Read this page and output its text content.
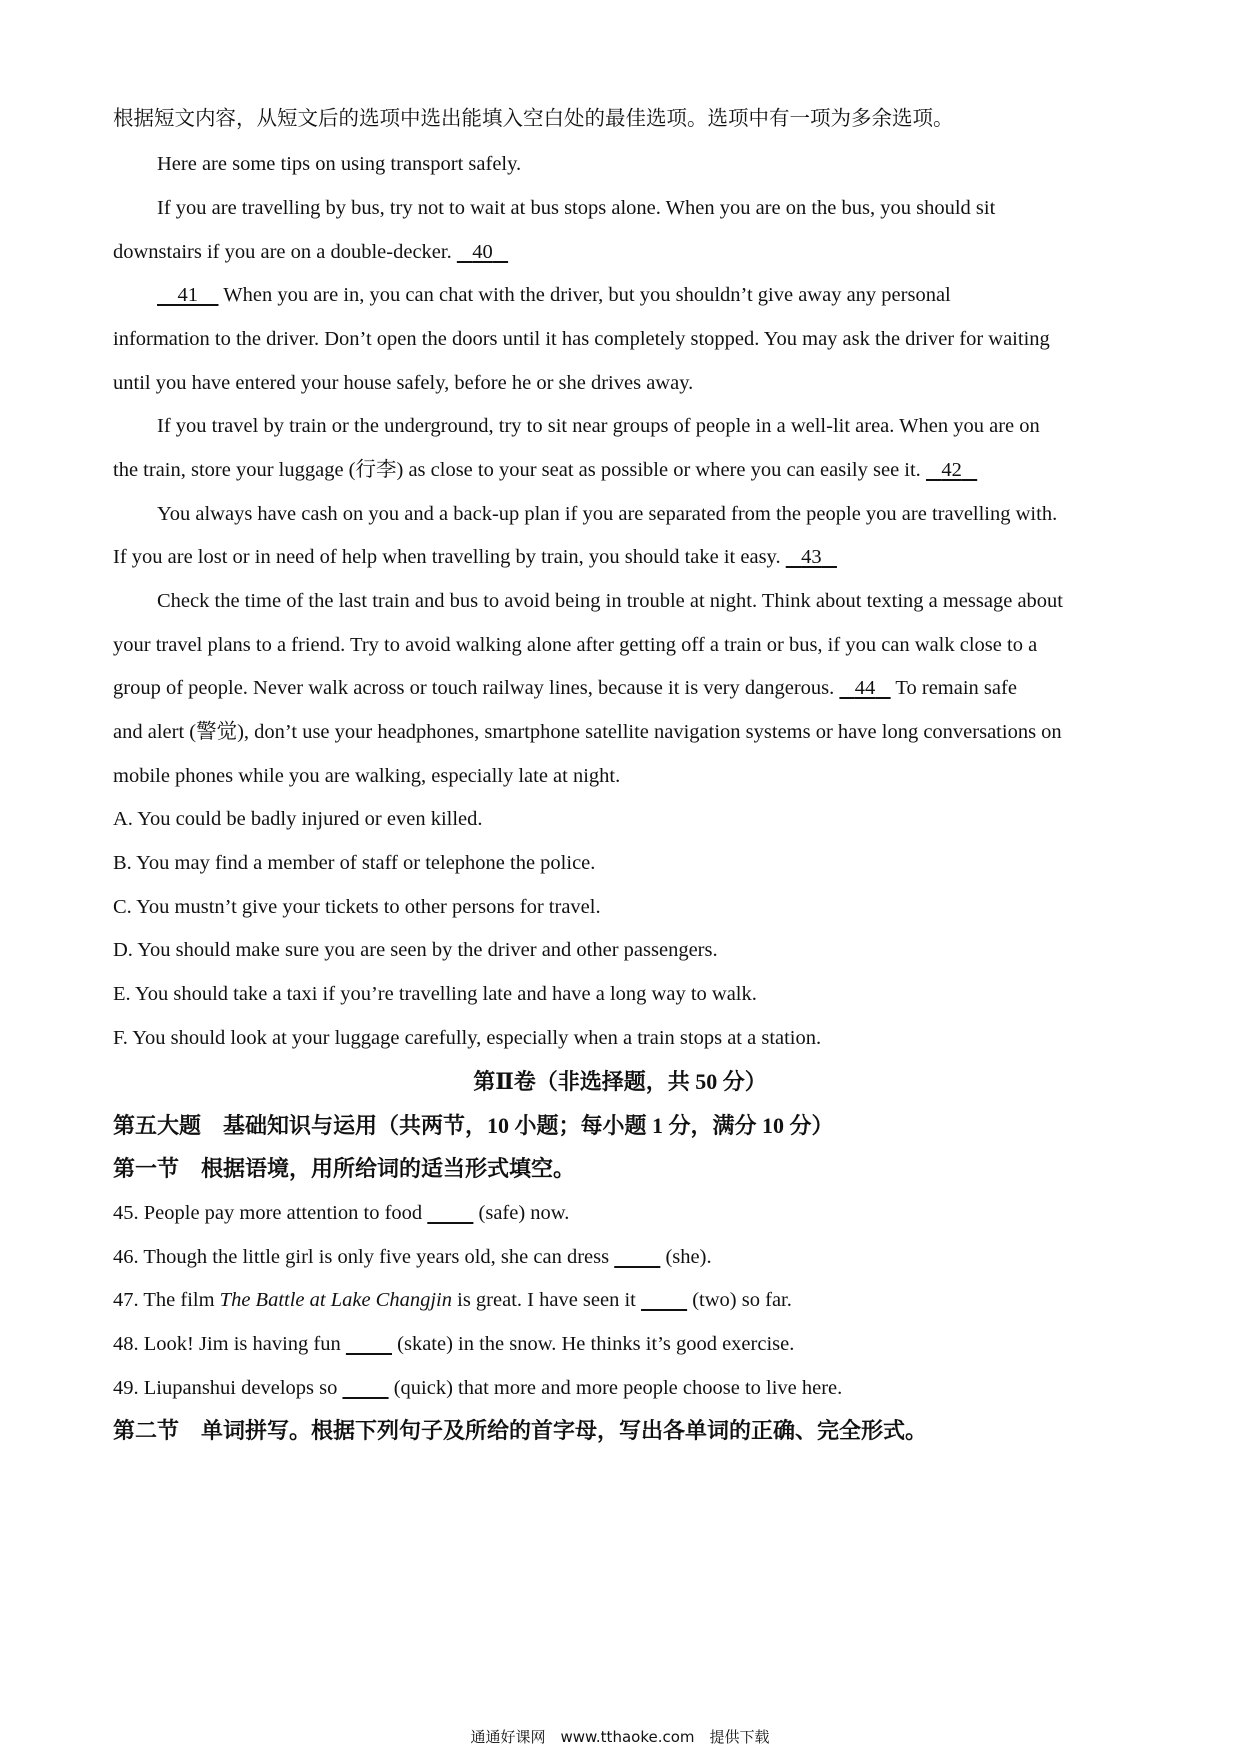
根据短文内容，从短文后的选项中选出能填入空白处的最佳选项。选项中有一项为多余选项。
Here are some tips on using transport safely.
If you are travelling by bus, try not to wait at bus stops alone. When you are on the bus, you should sit
downstairs if you are on a double-decker. 40
41 When you are in, you can chat with the driver, but you shouldn’t give away any personal
information to the driver. Don’t open the doors until it has completely stopped. You may ask the driver for waiting
until you have entered your house safely, before he or she drives away.
If you travel by train or the underground, try to sit near groups of people in a well-lit area. When you are on
the train, store your luggage (行李) as close to your seat as possible or where you can easily see it. 42
You always have cash on you and a back-up plan if you are separated from the people you are travelling with.
If you are lost or in need of help when travelling by train, you should take it easy. 43
Check the time of the last train and bus to avoid being in trouble at night. Think about texting a message about
your travel plans to a friend. Try to avoid walking alone after getting off a train or bus, if you can walk close to a
group of people. Never walk across or touch railway lines, because it is very dangerous. 44 To remain safe
and alert (警觉), don’t use your headphones, smartphone satellite navigation systems or have long conversations on
mobile phones while you are walking, especially late at night.
A. You could be badly injured or even killed.
B. You may find a member of staff or telephone the police.
C. You mustn’t give your tickets to other persons for travel.
D. You should make sure you are seen by the driver and other passengers.
E. You should take a taxi if you’re travelling late and have a long way to walk.
F. You should look at your luggage carefully, especially when a train stops at a station.
第Ⅱ卷（非选择题，共 50 分）
第五大题　基础知识与运用（共两节，10 小题；每小题 1 分，满分 10 分）
第一节　根据语境，用所给词的适当形式填空。
45. People pay more attention to food	(safe) now.
46. Though the little girl is only five years old, she can dress	(she).
47. The film The Battle at Lake Changjin is great. I have seen it	(two) so far.
48. Look! Jim is having fun	(skate) in the snow. He thinks it’s good exercise.
49. Liupanshui develops so	(quick) that more and more people choose to live here.
第二节　单词拼写。根据下列句子及所给的首字母，写出各单词的正确、完全形式。
通通好课网　www.tthaoke.com　提供下载
